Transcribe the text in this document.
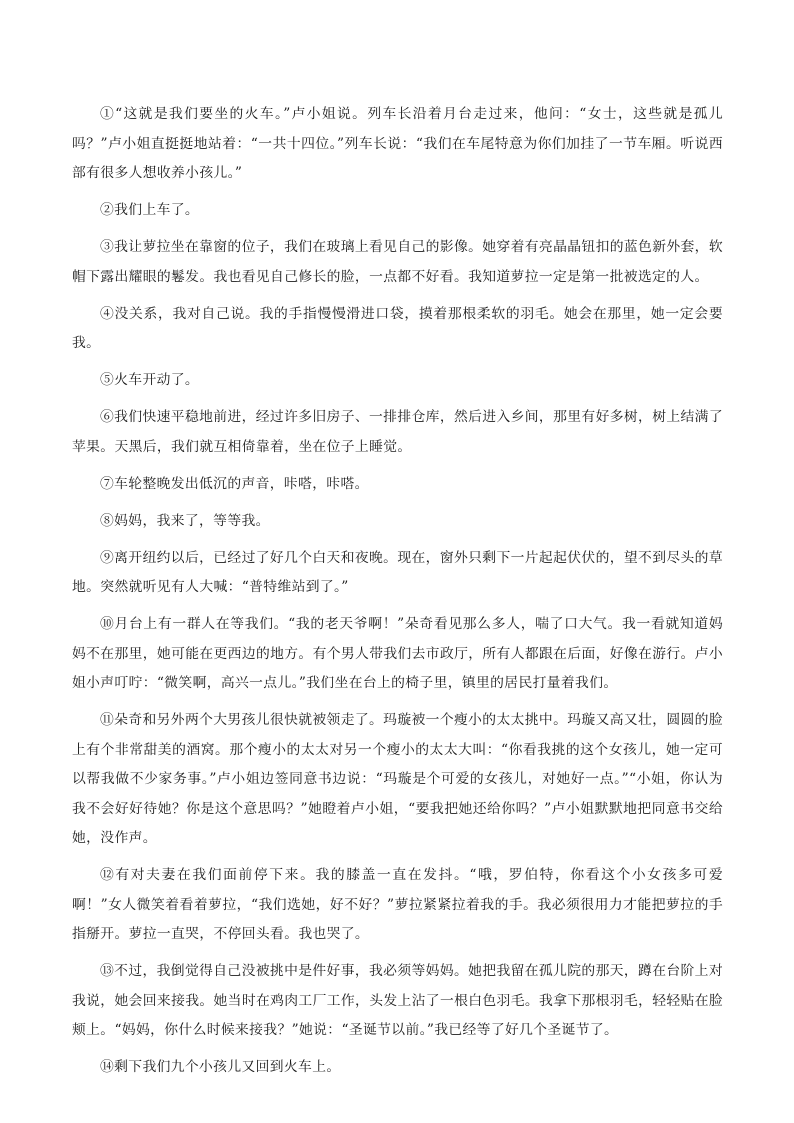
①“这就是我们要坐的火车。”卢小姐说。列车长沿着月台走过来，他问：“女士，这些就是孤儿吗？”卢小姐直挺挺地站着：“一共十四位。”列车长说：“我们在车尾特意为你们加挂了一节车厢。听说西部有很多人想收养小孩儿。”

②我们上车了。

③我让萝拉坐在靠窗的位子，我们在玻璃上看见自己的影像。她穿着有亮晶晶钮扣的蓝色新外套，软帽下露出耀眼的鬈发。我也看见自己修长的脸，一点都不好看。我知道萝拉一定是第一批被选定的人。

④没关系，我对自己说。我的手指慢慢滑进口袋，摸着那根柔软的羽毛。她会在那里，她一定会要我。

⑤火车开动了。

⑥我们快速平稳地前进，经过许多旧房子、一排排仓库，然后进入乡间，那里有好多树，树上结满了苹果。天黑后，我们就互相倚靠着，坐在位子上睡觉。

⑦车轮整晚发出低沉的声音，咔嗒，咔嗒。

⑧妈妈，我来了，等等我。

⑨离开纽约以后，已经过了好几个白天和夜晚。现在，窗外只剩下一片起起伏伏的，望不到尽头的草地。突然就听见有人大喊：“普特维站到了。”

⑩月台上有一群人在等我们。“我的老天爷啊！”朵奇看见那么多人，喘了口大气。我一看就知道妈妈不在那里，她可能在更西边的地方。有个男人带我们去市政厅，所有人都跟在后面，好像在游行。卢小姐小声叮咛：“微笑啊，高兴一点儿。”我们坐在台上的椅子里，镇里的居民打量着我们。

⑪朵奇和另外两个大男孩儿很快就被领走了。玛璇被一个瘦小的太太挑中。玛璇又高又壮，圆圆的脸上有个非常甜美的酒窝。那个瘦小的太太对另一个瘦小的太太大叫：“你看我挑的这个女孩儿，她一定可以帮我做不少家务事。”卢小姐边签同意书边说：“玛璇是个可爱的女孩儿，对她好一点。”“小姐，你认为我不会好好待她？你是这个意思吗？”她瞪着卢小姐，“要我把她还给你吗？”卢小姐默默地把同意书交给她，没作声。

⑫有对夫妻在我们面前停下来。我的膝盖一直在发抖。“哦，罗伯特，你看这个小女孩多可爱啊！”女人微笑着看着萝拉，“我们选她，好不好？”萝拉紧紧拉着我的手。我必须很用力才能把萝拉的手指掰开。萝拉一直哭，不停回头看。我也哭了。

⑬不过，我倒觉得自己没被挑中是件好事，我必须等妈妈。她把我留在孤儿院的那天，蹲在台阶上对我说，她会回来接我。她当时在鸡肉工厂工作，头发上沾了一根白色羽毛。我拿下那根羽毛，轻轻贴在脸颊上。“妈妈，你什么时候来接我？”她说：“圣诞节以前。”我已经等了好几个圣诞节了。

⑭剩下我们九个小孩儿又回到火车上。
